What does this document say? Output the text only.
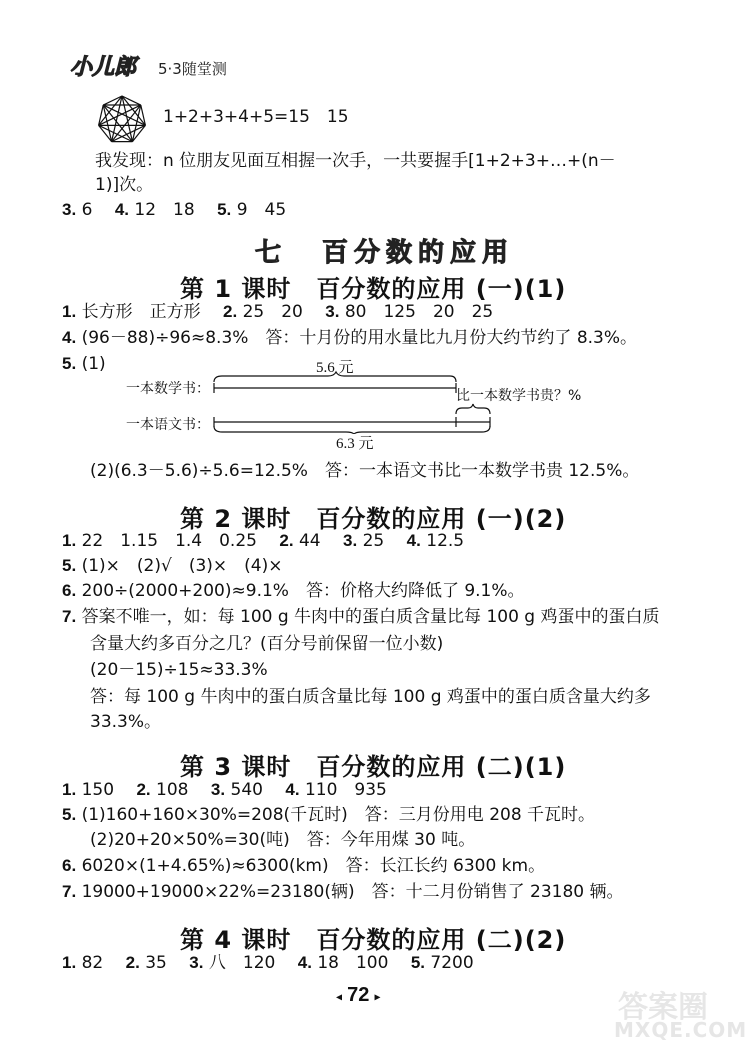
小儿郎 5·3随堂测
1+2+3+4+5=15　15
我发现：n 位朋友见面互相握一次手，一共要握手[1+2+3+…+(n－
1)]次。
3. 6　 4. 12　18　 5. 9　45
七 百分数的应用
第 1 课时　百分数的应用 (一)(1)
1. 长方形　正方形　 2. 25　20　 3. 80　125　20　25
4. (96－88)÷96≈8.3%　答：十月份的用水量比九月份大约节约了 8.3%。
5. (1)	5.6 元
一本数学书：
一本语文书：
比一本数学书贵？%
6.3 元
(2)(6.3－5.6)÷5.6=12.5%　答：一本语文书比一本数学书贵 12.5%。
第 2 课时　百分数的应用 (一)(2)
1. 22　1.15　1.4　0.25　 2. 44　 3. 25　 4. 12.5
5. (1)×　(2)√　(3)×　(4)×
6. 200÷(2000+200)≈9.1%　答：价格大约降低了 9.1%。
7. 答案不唯一，如：每 100 g 牛肉中的蛋白质含量比每 100 g 鸡蛋中的蛋白质
含量大约多百分之几？(百分号前保留一位小数)
(20－15)÷15≈33.3%
答：每 100 g 牛肉中的蛋白质含量比每 100 g 鸡蛋中的蛋白质含量大约多
33.3%。
第 3 课时　百分数的应用 (二)(1)
1. 150　 2. 108　 3. 540　 4. 110　935
5. (1)160+160×30%=208(千瓦时)　答：三月份用电 208 千瓦时。
(2)20+20×50%=30(吨)　答：今年用煤 30 吨。
6. 6020×(1+4.65%)≈6300(km)　答：长江长约 6300 km。
7. 19000+19000×22%=23180(辆)　答：十二月份销售了 23180 辆。
第 4 课时　百分数的应用 (二)(2)
1. 82　 2. 35　 3. 八　120　 4. 18　100　 5. 7200
答案圈
MXQE.COM
◂ 72 ▸
